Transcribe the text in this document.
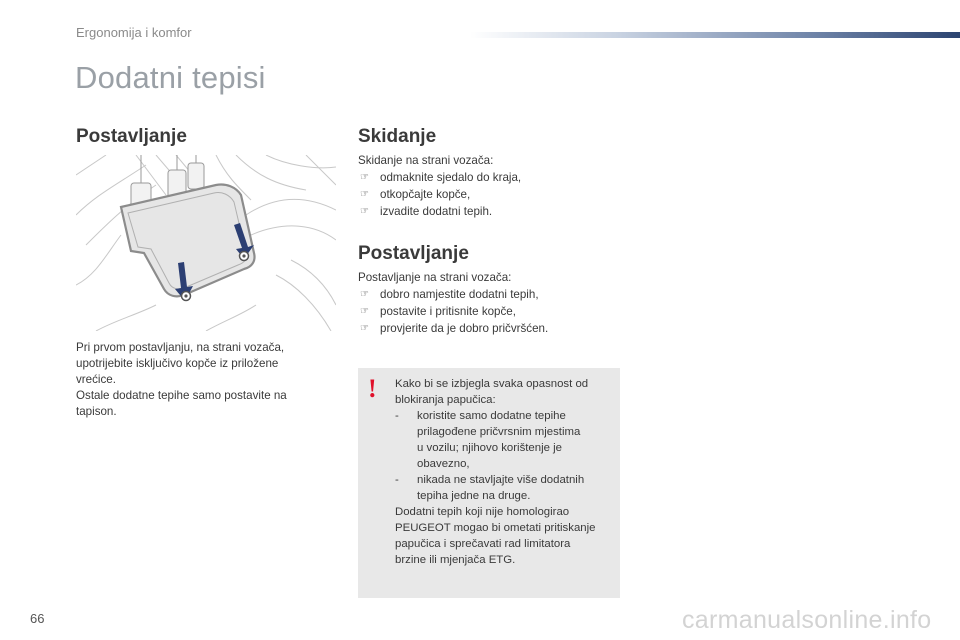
Ergonomija i komfor
Dodatni tepisi
Postavljanje
Pri prvom postavljanju, na strani vozača,
upotrijebite isključivo kopče iz priložene
vrećice.
Ostale dodatne tepihe samo postavite na
tapison.
Skidanje
Skidanje na strani vozača:
☞ odmaknite sjedalo do kraja,
☞ otkopčajte kopče,
☞ izvadite dodatni tepih.
Postavljanje
Postavljanje na strani vozača:
☞ dobro namjestite dodatni tepih,
☞ postavite i pritisnite kopče,
☞ provjerite da je dobro pričvršćen.
! Kako bi se izbjegla svaka opasnost od
blokiranja papučica:
- koristite samo dodatne tepihe
prilagođene pričvrsnim mjestima
u vozilu; njihovo korištenje je
obavezno,
- nikada ne stavljajte više dodatnih
tepiha jedne na druge.
Dodatni tepih koji nije homologirao
PEUGEOT mogao bi ometati pritiskanje
papučica i sprečavati rad limitatora
brzine ili mjenjača ETG.
66	carmanualsonline.info
